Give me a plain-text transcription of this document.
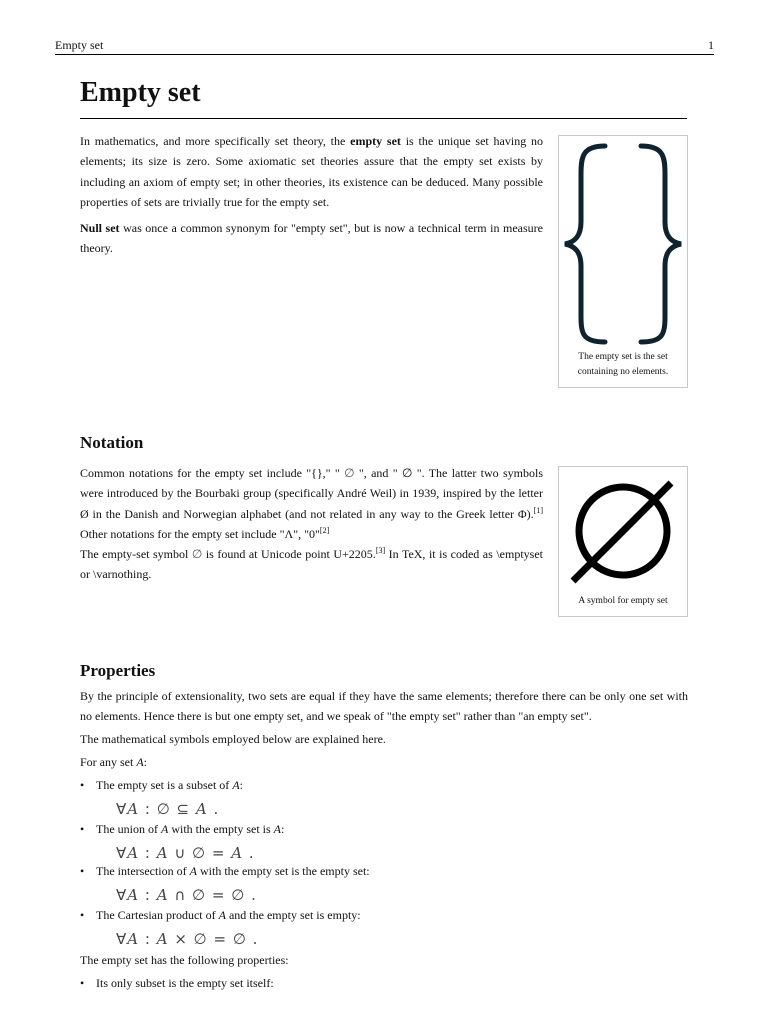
Empty set	1
Empty set

In mathematics, and more specifically set theory, the empty set is the unique set having no elements; its size is zero. Some axiomatic set theories assure that the empty set exists by including an axiom of empty set; in other theories, its existence can be deduced. Many possible properties of sets are trivially true for the empty set.

Null set was once a common synonym for "empty set", but is now a technical term in measure theory.

The empty set is the set containing no elements.
Notation

Common notations for the empty set include "{}," " ∅ ", and " ∅ ". The latter two symbols were introduced by the Bourbaki group (specifically André Weil) in 1939, inspired by the letter Ø in the Danish and Norwegian alphabet (and not related in any way to the Greek letter Φ).[1] Other notations for the empty set include "Λ", "0"[2]

The empty-set symbol ∅ is found at Unicode point U+2205.[3] In TeX, it is coded as \emptyset or \varnothing.

A symbol for empty set
Properties

By the principle of extensionality, two sets are equal if they have the same elements; therefore there can be only one set with no elements. Hence there is but one empty set, and we speak of "the empty set" rather than "an empty set".

The mathematical symbols employed below are explained here.
For any set A:
• The empty set is a subset of A:
∀A : ∅ ⊆ A .
• The union of A with the empty set is A:
∀A : A ∪ ∅ = A .
• The intersection of A with the empty set is the empty set:
∀A : A ∩ ∅ = ∅ .
• The Cartesian product of A and the empty set is empty:
∀A : A × ∅ = ∅ .
The empty set has the following properties:
• Its only subset is the empty set itself:
